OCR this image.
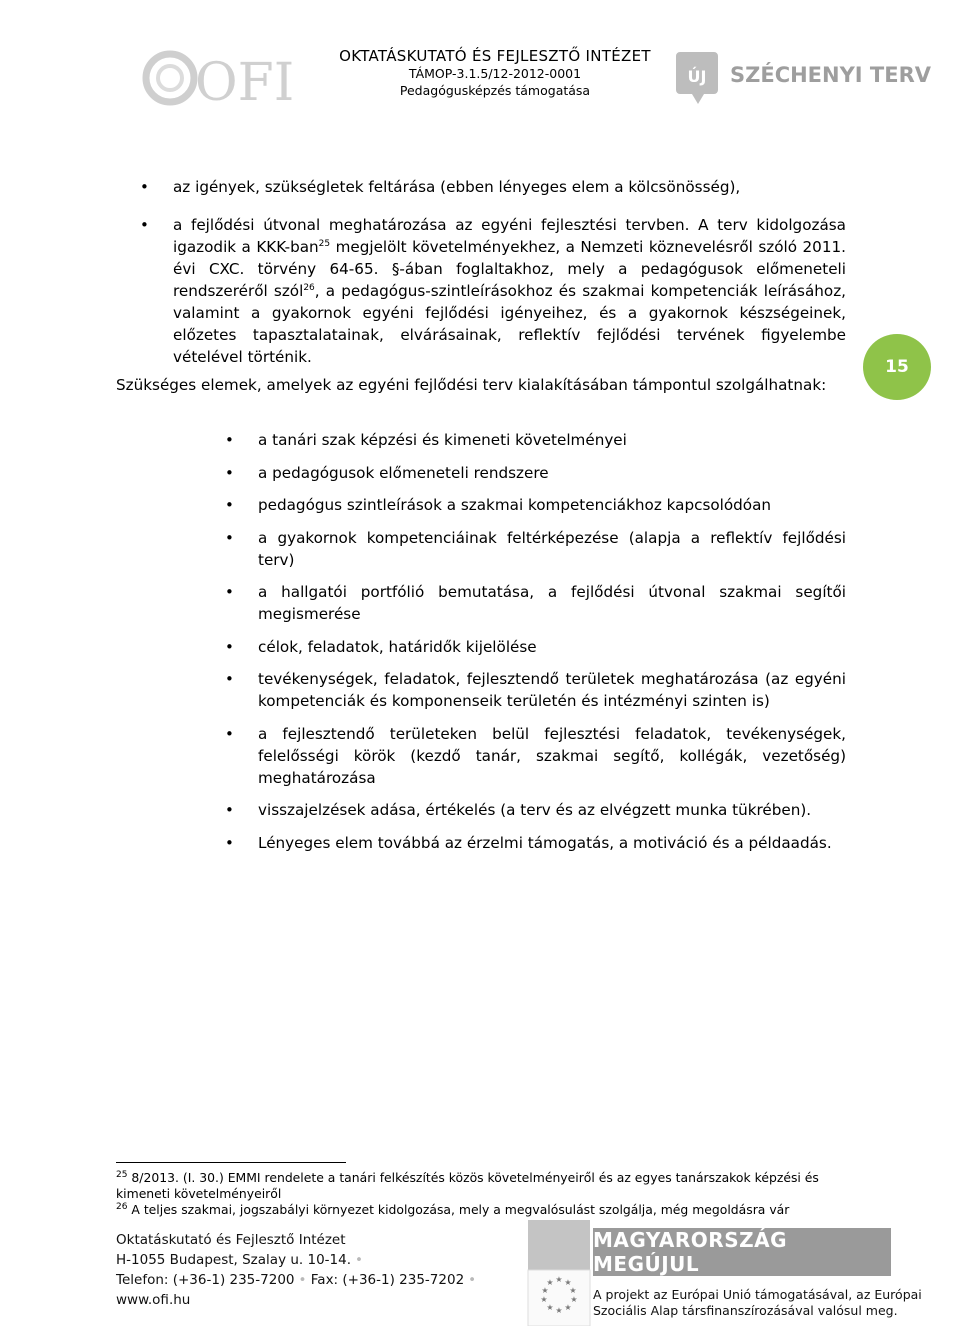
OFI	OKTATÁSKUTATÓ ÉS FEJLESZTŐ INTÉZET
TÁMOP-3.1.5/12-2012-0001
Pedagógusképzés támogatása
ÚJ SZÉCHENYI TERV
• az igények, szükségletek feltárása (ebben lényeges elem a kölcsönösség),
• a fejlődési útvonal meghatározása az egyéni fejlesztési tervben. A terv kidolgozása igazodik a KKK-ban$^{25}$ megjelölt követelményekhez, a Nemzeti köznevelésről szóló 2011. évi CXC. törvény 64-65. §-ában foglaltakhoz, mely a pedagógusok előmeneteli rendszeréről szól$^{26}$, a pedagógus-szintleírásokhoz és szakmai kompetenciák leírásához, valamint a gyakornok egyéni fejlődési igényeihez, és a gyakornok készségeinek, előzetes tapasztalatainak, elvárásainak, reflektív fejlődési tervének figyelembe vételével történik.	15

Szükséges elemek, amelyek az egyéni fejlődési terv kialakításában támpontul szolgálhatnak:

• a tanári szak képzési és kimeneti követelményei
• a pedagógusok előmeneteli rendszere
• pedagógus szintleírások a szakmai kompetenciákhoz kapcsolódóan
• a gyakornok kompetenciáinak feltérképezése (alapja a reflektív fejlődési terv)
• a hallgatói portfólió bemutatása, a fejlődési útvonal szakmai segítői megismerése
• célok, feladatok, határidők kijelölése
• tevékenységek, feladatok, fejlesztendő területek meghatározása (az egyéni kompetenciák és komponenseik területén és intézményi szinten is)
• a fejlesztendő területeken belül fejlesztési feladatok, tevékenységek, felelősségi körök (kezdő tanár, szakmai segítő, kollégák, vezetőség) meghatározása
• visszajelzések adása, értékelés (a terv és az elvégzett munka tükrében).
• Lényeges elem továbbá az érzelmi támogatás, a motiváció és a példaadás.

$^{25}$ 8/2013. (I. 30.) EMMI rendelete a tanári felkészítés közös követelményeiről és az egyes tanárszakok képzési és kimeneti követelményeiről

$^{26}$ A teljes szakmai, jogszabályi környezet kidolgozása, mely a megvalósulást szolgálja, még megoldásra vár

Oktatáskutató és Fejlesztő Intézet
H-1055 Budapest, Szalay u. 10-14. •
Telefon: (+36-1) 235-7200 • Fax: (+36-1) 235-7202 •
www.ofi.hu
★ ★
★
★
★
★
★
★
★
★
MAGYARORSZÁG MEGÚJUL
A projekt az Európai Unió támogatásával, az Európai
Szociális Alap társfinanszírozásával valósul meg.
